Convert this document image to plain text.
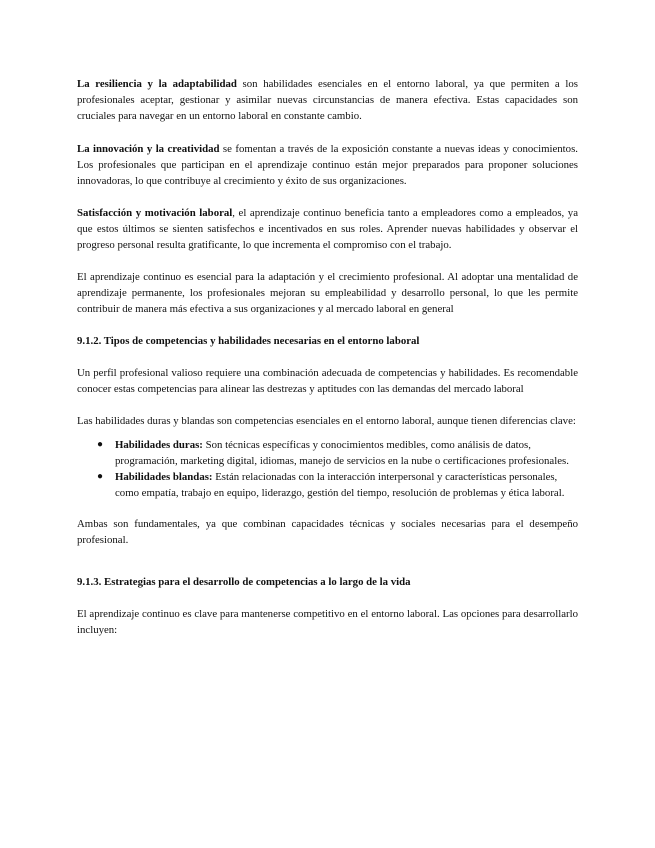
La resiliencia y la adaptabilidad son habilidades esenciales en el entorno laboral, ya que permiten a los profesionales aceptar, gestionar y asimilar nuevas circunstancias de manera efectiva. Estas capacidades son cruciales para navegar en un entorno laboral en constante cambio.

La innovación y la creatividad se fomentan a través de la exposición constante a nuevas ideas y conocimientos. Los profesionales que participan en el aprendizaje continuo están mejor preparados para proponer soluciones innovadoras, lo que contribuye al crecimiento y éxito de sus organizaciones.

Satisfacción y motivación laboral, el aprendizaje continuo beneficia tanto a empleadores como a empleados, ya que estos últimos se sienten satisfechos e incentivados en sus roles. Aprender nuevas habilidades y observar el progreso personal resulta gratificante, lo que incrementa el compromiso con el trabajo.

El aprendizaje continuo es esencial para la adaptación y el crecimiento profesional. Al adoptar una mentalidad de aprendizaje permanente, los profesionales mejoran su empleabilidad y desarrollo personal, lo que les permite contribuir de manera más efectiva a sus organizaciones y al mercado laboral en general

9.1.2. Tipos de competencias y habilidades necesarias en el entorno laboral

Un perfil profesional valioso requiere una combinación adecuada de competencias y habilidades. Es recomendable conocer estas competencias para alinear las destrezas y aptitudes con las demandas del mercado laboral

Las habilidades duras y blandas son competencias esenciales en el entorno laboral, aunque tienen diferencias clave:

● Habilidades duras: Son técnicas específicas y conocimientos medibles, como análisis de datos, programación, marketing digital, idiomas, manejo de servicios en la nube o certificaciones profesionales.
● Habilidades blandas: Están relacionadas con la interacción interpersonal y características personales, como empatía, trabajo en equipo, liderazgo, gestión del tiempo, resolución de problemas y ética laboral.

Ambas son fundamentales, ya que combinan capacidades técnicas y sociales necesarias para el desempeño profesional.

9.1.3. Estrategias para el desarrollo de competencias a lo largo de la vida

El aprendizaje continuo es clave para mantenerse competitivo en el entorno laboral. Las opciones para desarrollarlo incluyen:
